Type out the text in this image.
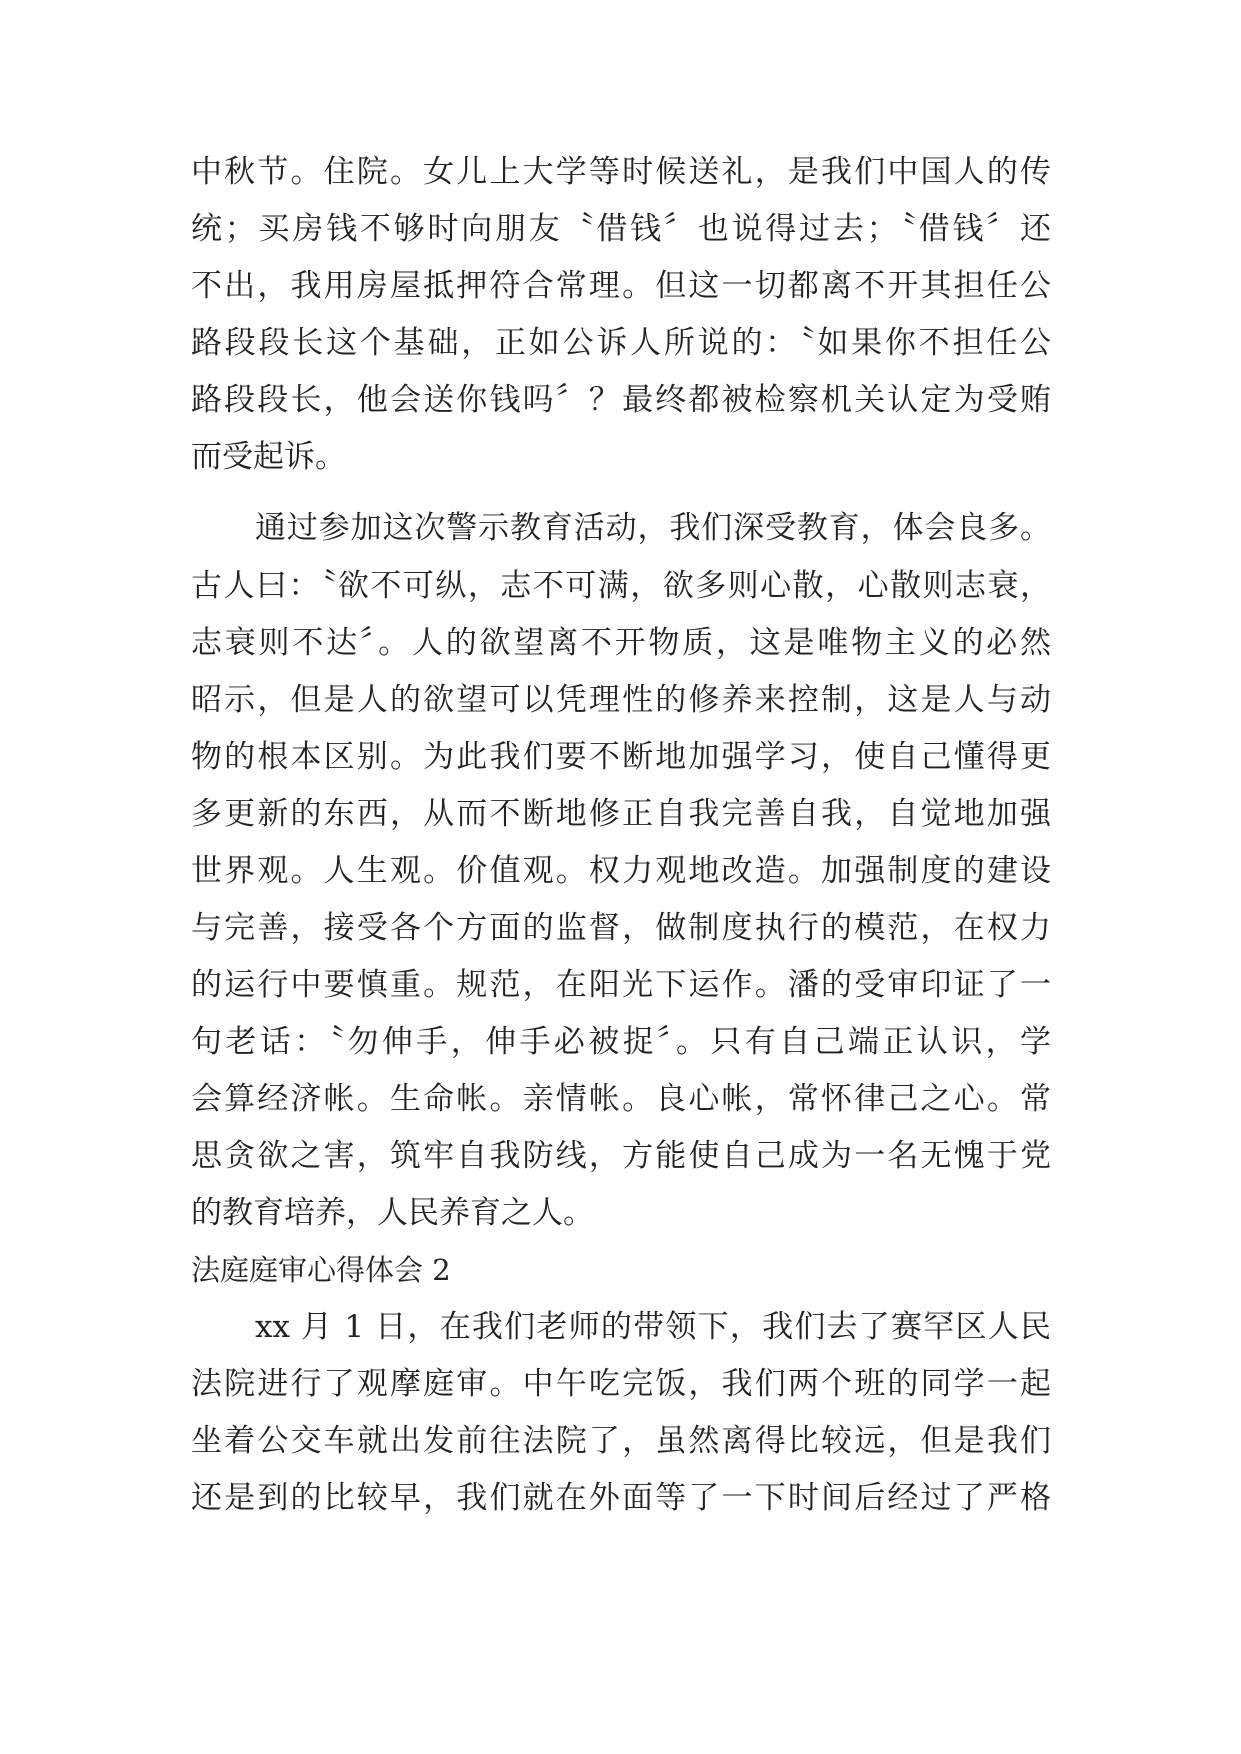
中秋节。住院。女儿上大学等时候送礼，是我们中国人的传
统；买房钱不够时向朋友〝借钱〞也说得过去；〝借钱〞还
不出，我用房屋抵押符合常理。但这一切都离不开其担任公
路段段长这个基础，正如公诉人所说的：〝如果你不担任公
路段段长，他会送你钱吗〞？最终都被检察机关认定为受贿
而受起诉。
通过参加这次警示教育活动，我们深受教育，体会良多。
古人曰：〝欲不可纵，志不可满，欲多则心散，心散则志衰，
志衰则不达〞。人的欲望离不开物质，这是唯物主义的必然
昭示，但是人的欲望可以凭理性的修养来控制，这是人与动
物的根本区别。为此我们要不断地加强学习，使自己懂得更
多更新的东西，从而不断地修正自我完善自我，自觉地加强
世界观。人生观。价值观。权力观地改造。加强制度的建设
与完善，接受各个方面的监督，做制度执行的模范，在权力
的运行中要慎重。规范，在阳光下运作。潘的受审印证了一
句老话：〝勿伸手，伸手必被捉〞。只有自己端正认识，学
会算经济帐。生命帐。亲情帐。良心帐，常怀律己之心。常
思贪欲之害，筑牢自我防线，方能使自己成为一名无愧于党
的教育培养，人民养育之人。
法庭庭审心得体会 2
xx 月 1 日，在我们老师的带领下，我们去了赛罕区人民
法院进行了观摩庭审。中午吃完饭，我们两个班的同学一起
坐着公交车就出发前往法院了，虽然离得比较远，但是我们
还是到的比较早，我们就在外面等了一下时间后经过了严格
